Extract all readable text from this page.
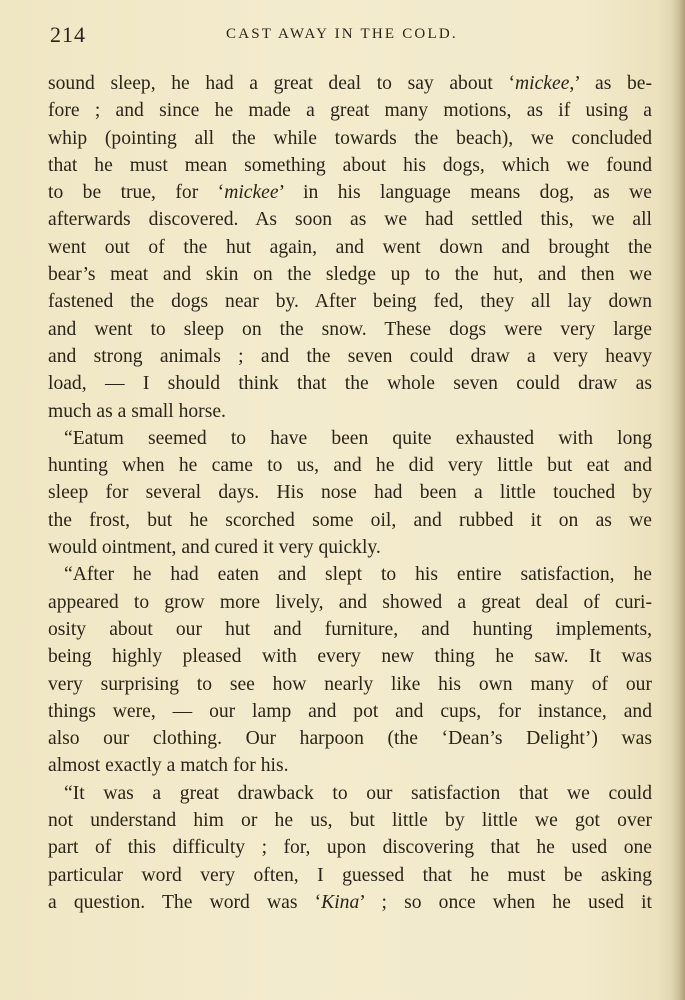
214	CAST AWAY IN THE COLD.
sound sleep, he had a great deal to say about ‘mickee,’ as be-
fore ; and since he made a great many motions, as if using a
whip (pointing all the while towards the beach), we concluded
that he must mean something about his dogs, which we found
to be true, for ‘mickee’ in his language means dog, as we
afterwards discovered. As soon as we had settled this, we all
went out of the hut again, and went down and brought the
bear’s meat and skin on the sledge up to the hut, and then we
fastened the dogs near by. After being fed, they all lay down
and went to sleep on the snow. These dogs were very large
and strong animals ; and the seven could draw a very heavy
load, — I should think that the whole seven could draw as
much as a small horse.
“Eatum seemed to have been quite exhausted with long
hunting when he came to us, and he did very little but eat and
sleep for several days. His nose had been a little touched by
the frost, but he scorched some oil, and rubbed it on as we
would ointment, and cured it very quickly.
“After he had eaten and slept to his entire satisfaction, he
appeared to grow more lively, and showed a great deal of curi-
osity about our hut and furniture, and hunting implements,
being highly pleased with every new thing he saw. It was
very surprising to see how nearly like his own many of our
things were, — our lamp and pot and cups, for instance, and
also our clothing. Our harpoon (the ‘Dean’s Delight’) was
almost exactly a match for his.
“It was a great drawback to our satisfaction that we could
not understand him or he us, but little by little we got over
part of this difficulty ; for, upon discovering that he used one
particular word very often, I guessed that he must be asking
a question. The word was ‘Kina’ ; so once when he used it
